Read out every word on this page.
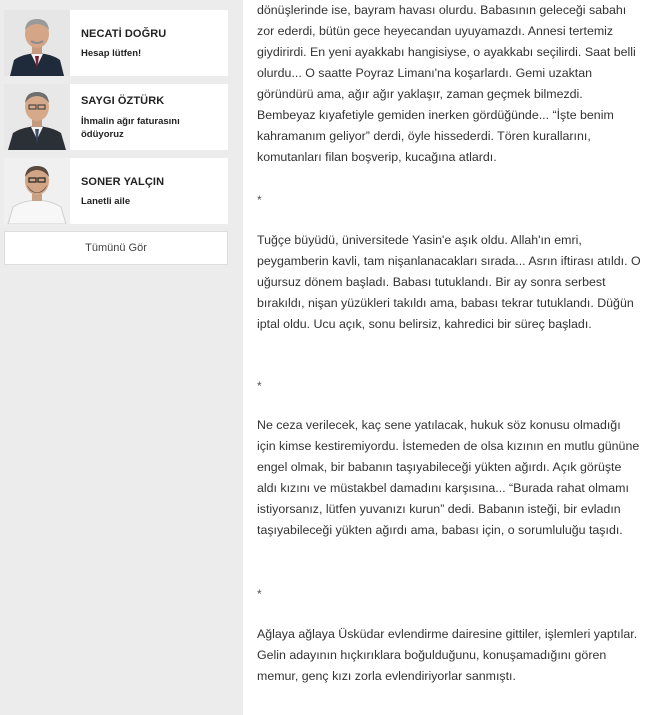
NECATİ DOĞRU
Hesap lütfen!
SAYGI ÖZTÜRK
İhmalin ağır faturasını ödüyoruz
SONER YALÇIN
Lanetli aile
Tümünü Gör

dönüşlerinde ise, bayram havası olurdu. Babasının geleceği sabahı zor ederdi, bütün gece heyecandan uyuyamazdı. Annesi tertemiz giydirirdi. En yeni ayakkabı hangisiyse, o ayakkabı seçilirdi. Saat belli olurdu... O saatte Poyraz Limanı'na koşarlardı. Gemi uzaktan göründürü ama, ağır ağır yaklaşır, zaman geçmek bilmezdi. Bembeyaz kıyafetiyle gemiden inerken gördüğünde... “İşte benim kahramanım geliyor” derdi, öyle hissederdi. Tören kurallarını, komutanları filan boşverip, kucağına atlardı.

*

Tuğçe büyüdü, üniversitede Yasin'e aşık oldu. Allah'ın emri, peygamberin kavli, tam nişanlanacakları sırada... Asrın iftirası atıldı. O uğursuz dönem başladı. Babası tutuklandı. Bir ay sonra serbest bırakıldı, nişan yüzükleri takıldı ama, babası tekrar tutuklandı. Düğün iptal oldu. Ucu açık, sonu belirsiz, kahredici bir süreç başladı.

*

Ne ceza verilecek, kaç sene yatılacak, hukuk söz konusu olmadığı için kimse kestiremiyordu. İstemeden de olsa kızının en mutlu gününe engel olmak, bir babanın taşıyabileceği yükten ağırdı. Açık görüşte aldı kızını ve müstakbel damadını karşısına... “Burada rahat olmamı istiyorsanız, lütfen yuvanızı kurun” dedi. Babanın isteği, bir evladın taşıyabileceği yükten ağırdı ama, babası için, o sorumluluğu taşıdı.

*

Ağlaya ağlaya Üsküdar evlendirme dairesine gittiler, işlemleri yaptılar. Gelin adayının hıçkırıklara boğulduğunu, konuşamadığını gören memur, genç kızı zorla evlendiriyorlar sanmıştı.
